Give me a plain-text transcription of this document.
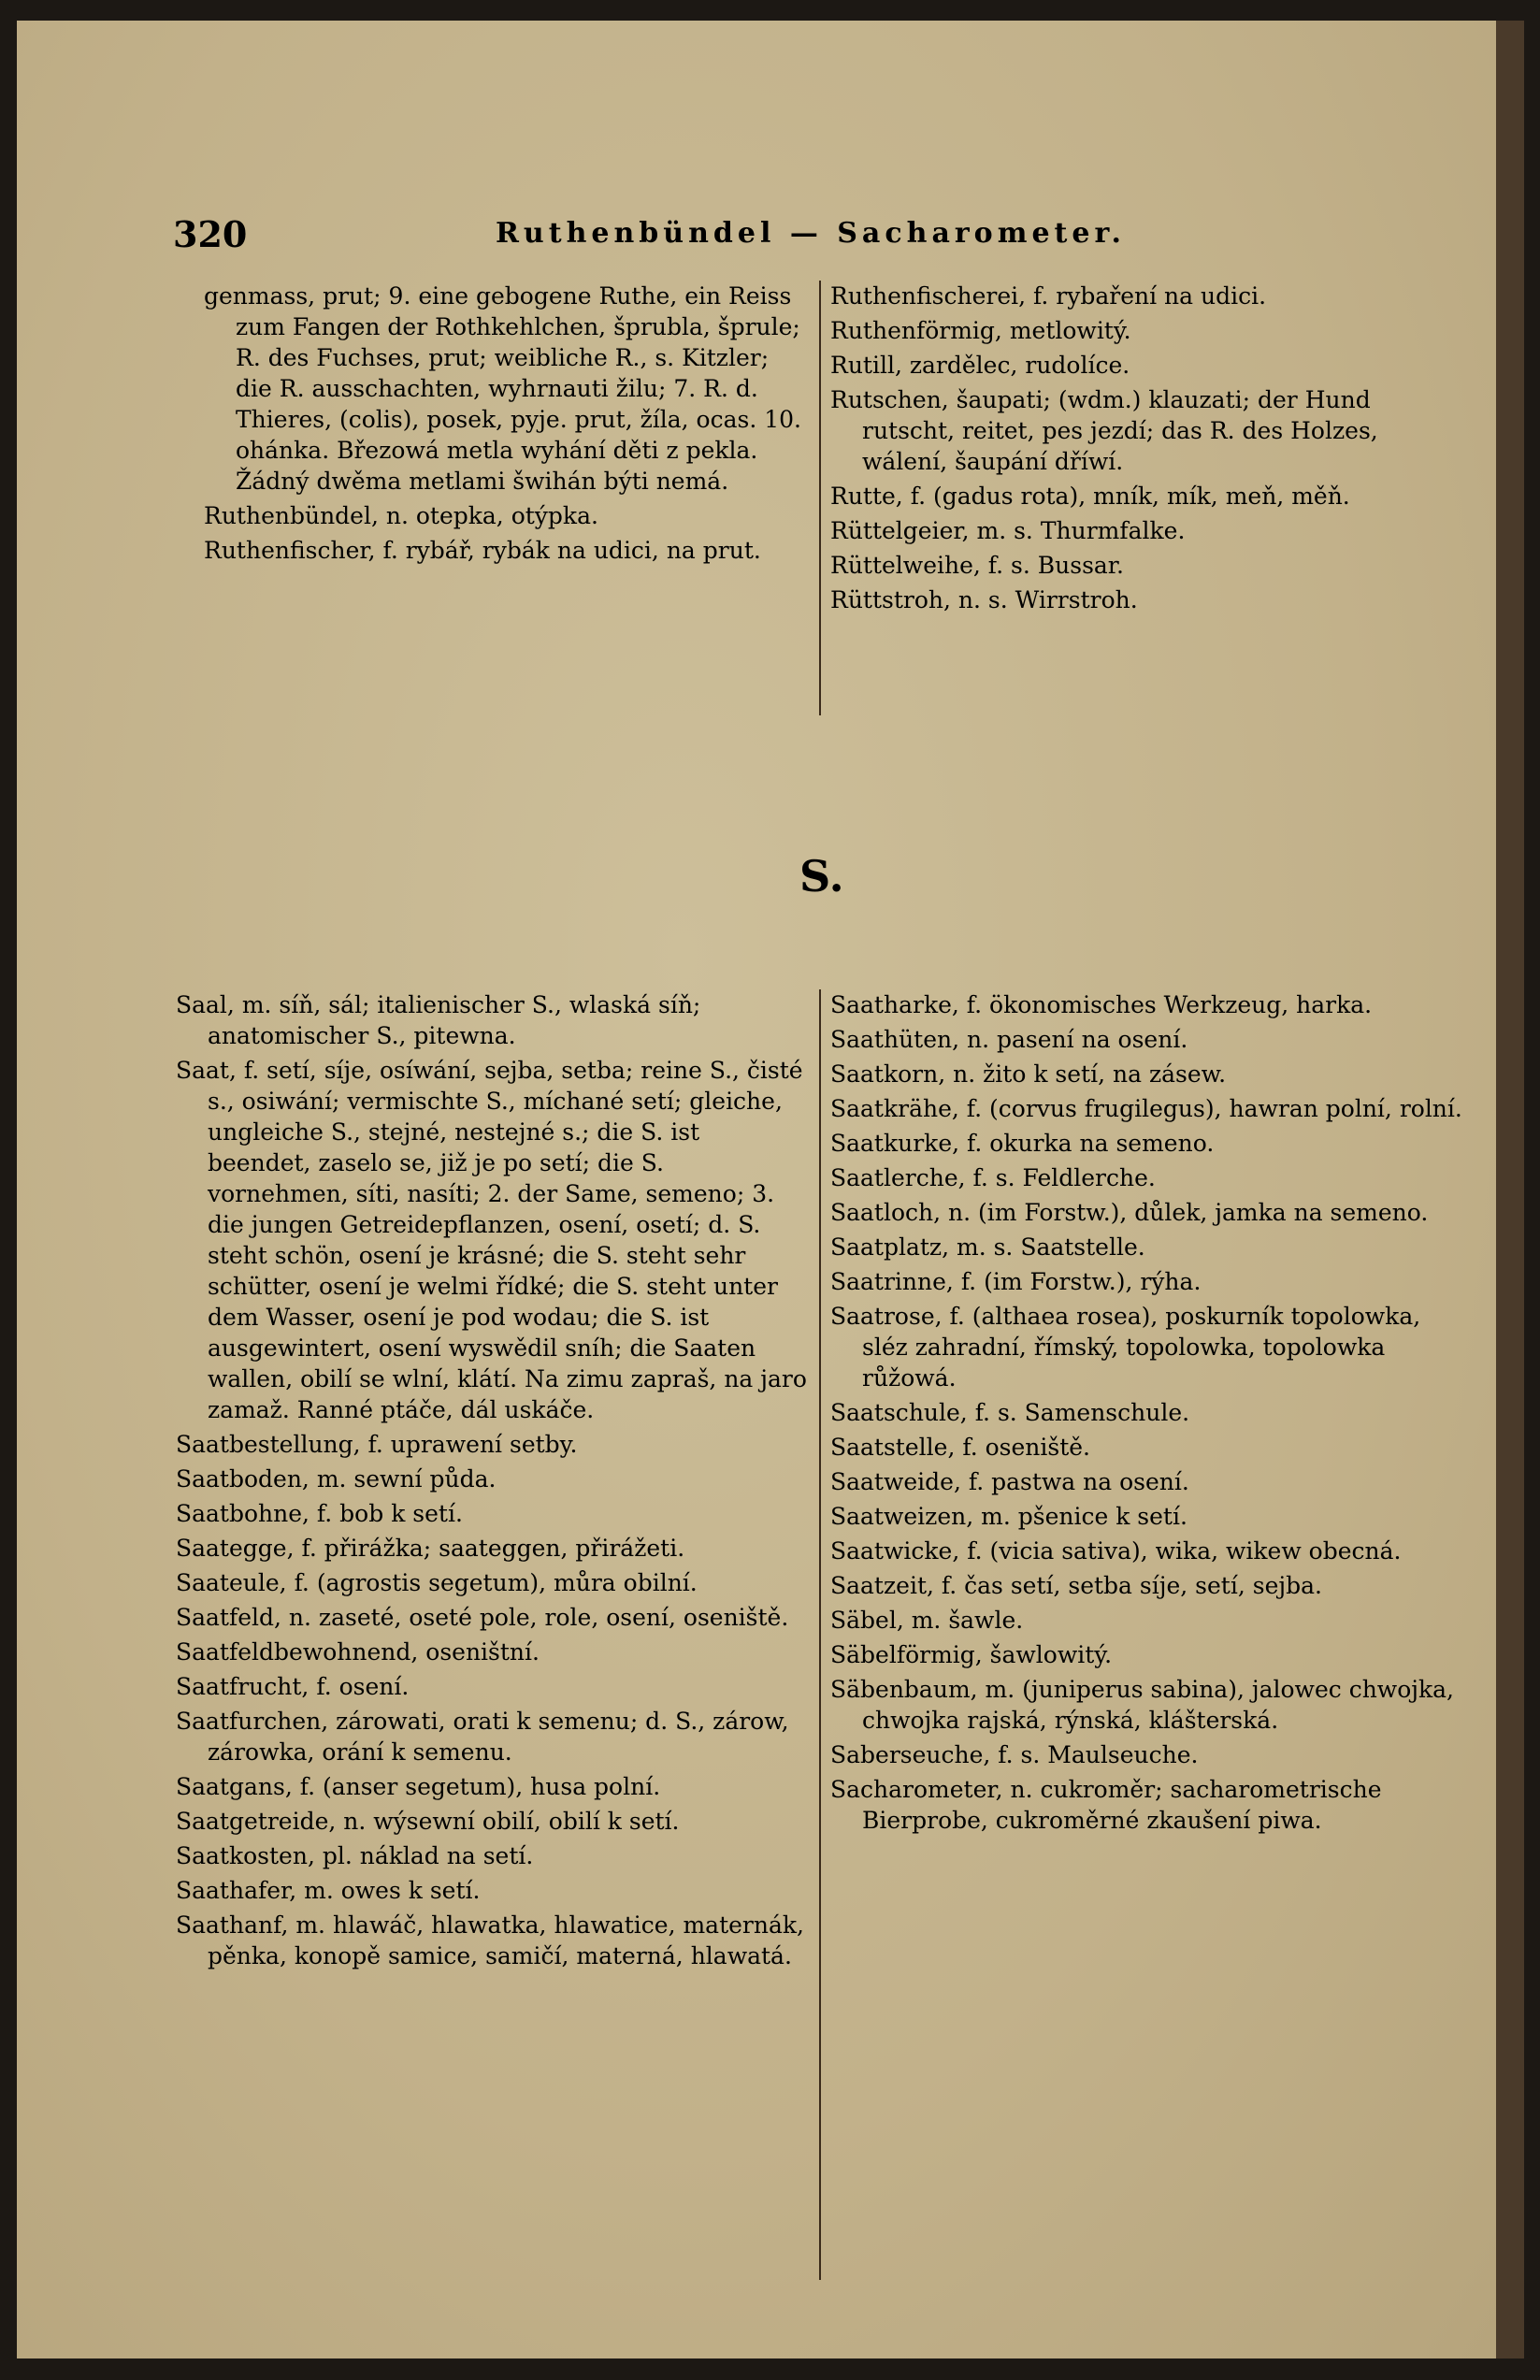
320	Ruthenbündel — Sacharometer.
genmass, prut; 9. eine gebogene Ruthe, ein Reiss zum Fangen der Rothkehlchen, šprubla, šprule; R. des Fuchses, prut; weibliche R., s. Kitzler; die R. ausschachten, wyhrnauti žilu; 7. R. d. Thieres, (colis), posek, pyje. prut, žíla, ocas. 10. ohánka. Březowá metla wyhání děti z pekla. Žádný dwěma metlami šwihán býti nemá.
Ruthenbündel, n. otepka, otýpka.
Ruthenfischer, f. rybář, rybák na udici, na prut.
Ruthenfischerei, f. rybaření na udici.
Ruthenförmig, metlowitý.
Rutill, zardělec, rudolíce.
Rutschen, šaupati; (wdm.) klauzati; der Hund rutscht, reitet, pes jezdí; das R. des Holzes, wálení, šaupání dříwí.
Rutte, f. (gadus rota), mník, mík, meň, měň.
Rüttelgeier, m. s. Thurmfalke.
Rüttelweihe, f. s. Bussar.
Rüttstroh, n. s. Wirrstroh.
S.
Saal, m. síň, sál; italienischer S., wlaská síň; anatomischer S., pitewna.
Saat, f. setí, síje, osíwání, sejba, setba; reine S., čisté s., osiwání; vermischte S., míchané setí; gleiche, ungleiche S., stejné, nestejné s.; die S. ist beendet, zaselo se, již je po setí; die S. vornehmen, síti, nasíti; 2. der Same, semeno; 3. die jungen Getreidepflanzen, osení, osetí; d. S. steht schön, osení je krásné; die S. steht sehr schütter, osení je welmi řídké; die S. steht unter dem Wasser, osení je pod wodau; die S. ist ausgewintert, osení wyswědil sníh; die Saaten wallen, obilí se wlní, klátí. Na zimu zapraš, na jaro zamaž. Ranné ptáče, dál uskáče.
Saatbestellung, f. uprawení setby.
Saatboden, m. sewní půda.
Saatbohne, f. bob k setí.
Saategge, f. přirážka; saateggen, přirážeti.
Saateule, f. (agrostis segetum), můra obilní.
Saatfeld, n. zaseté, oseté pole, role, osení, oseniště.
Saatfeldbewohnend, oseništní.
Saatfrucht, f. osení.
Saatfurchen, zárowati, orati k semenu; d. S., zárow, zárowka, orání k semenu.
Saatgans, f. (anser segetum), husa polní.
Saatgetreide, n. wýsewní obilí, obilí k setí.
Saatkosten, pl. náklad na setí.
Saathafer, m. owes k setí.
Saathanf, m. hlawáč, hlawatka, hlawatice, maternák, pěnka, konopě samice, samičí, materná, hlawatá.
Saatharke, f. ökonomisches Werkzeug, harka.
Saathüten, n. pasení na osení.
Saatkorn, n. žito k setí, na zásew.
Saatkrähe, f. (corvus frugilegus), hawran polní, rolní.
Saatkurke, f. okurka na semeno.
Saatlerche, f. s. Feldlerche.
Saatloch, n. (im Forstw.), důlek, jamka na semeno.
Saatplatz, m. s. Saatstelle.
Saatrinne, f. (im Forstw.), rýha.
Saatrose, f. (althaea rosea), poskurník topolowka, sléz zahradní, římský, topolowka, topolowka růžowá.
Saatschule, f. s. Samenschule.
Saatstelle, f. oseniště.
Saatweide, f. pastwa na osení.
Saatweizen, m. pšenice k setí.
Saatwicke, f. (vicia sativa), wika, wikew obecná.
Saatzeit, f. čas setí, setba síje, setí, sejba.
Säbel, m. šawle.
Säbelförmig, šawlowitý.
Säbenbaum, m. (juniperus sabina), jalowec chwojka, chwojka rajská, rýnská, klášterská.
Saberseuche, f. s. Maulseuche.
Sacharometer, n. cukroměr; sacharometrische Bierprobe, cukroměrné zkaušení piwa.
